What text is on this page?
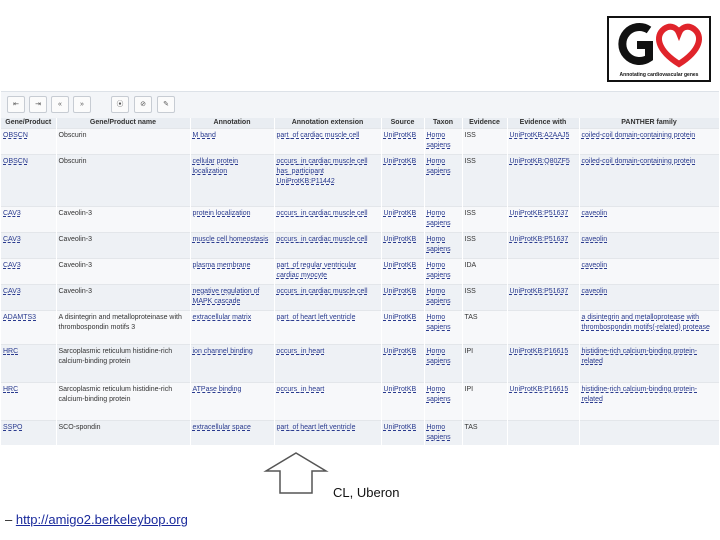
Annotating cardiovascular genes
⇤	⇥	«	»	⦿	⊘	✎
Gene/Product	Gene/Product name	Annotation	Annotation extension	Source	Taxon	Evidence	Evidence with	PANTHER family
OBSCN	Obscurin	M band	part_of cardiac muscle cell	UniProtKB	Homo sapiens	ISS	UniProtKB:A2AAJ5	coiled-coil domain-containing protein
OBSCN	Obscurin	cellular protein localization	occurs_in cardiac muscle cell has_participant UniProtKB:P11442	UniProtKB	Homo sapiens	ISS	UniProtKB:Q80ZF5	coiled-coil domain-containing protein
CAV3	Caveolin-3	protein localization	occurs_in cardiac muscle cell	UniProtKB	Homo sapiens	ISS	UniProtKB:P51637	caveolin
CAV3	Caveolin-3	muscle cell homeostasis	occurs_in cardiac muscle cell	UniProtKB	Homo sapiens	ISS	UniProtKB:P51637	caveolin
CAV3	Caveolin-3	plasma membrane	part_of regular ventricular cardiac myocyte	UniProtKB	Homo sapiens	IDA		caveolin
CAV3	Caveolin-3	negative regulation of MAPK cascade	occurs_in cardiac muscle cell	UniProtKB	Homo sapiens	ISS	UniProtKB:P51637	caveolin
ADAMTS3	A disintegrin and metalloproteinase with thrombospondin motifs 3	extracellular matrix	part_of heart left ventricle	UniProtKB	Homo sapiens	TAS		a disintegrin and metalloprotease with thrombospondin motifs(-related) protease
HRC	Sarcoplasmic reticulum histidine-rich calcium-binding protein	ion channel binding	occurs_in heart	UniProtKB	Homo sapiens	IPI	UniProtKB:P16615	histidine-rich calcium-binding protein-related
HRC	Sarcoplasmic reticulum histidine-rich calcium-binding protein	ATPase binding	occurs_in heart	UniProtKB	Homo sapiens	IPI	UniProtKB:P16615	histidine-rich calcium-binding protein-related
SSPO	SCO-spondin	extracellular space	part_of heart left ventricle	UniProtKB	Homo sapiens	TAS		
CL, Uberon
– http://amigo2.berkeleybop.org
